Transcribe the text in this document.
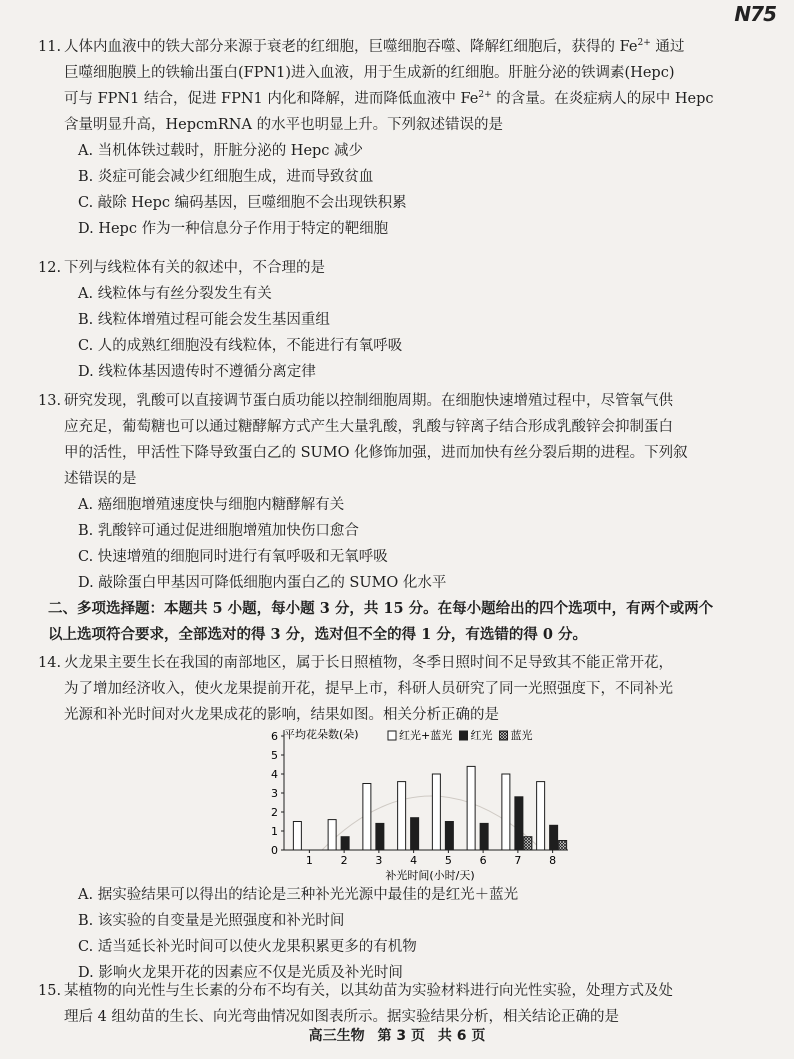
N75

11. 人体内血液中的铁大部分来源于衰老的红细胞，巨噬细胞吞噬、降解红细胞后，获得的 $Fe^{2+}$ 通过

巨噬细胞膜上的铁输出蛋白(FPN1)进入血液，用于生成新的红细胞。肝脏分泌的铁调素(Hepc)

可与 FPN1 结合，促进 FPN1 内化和降解，进而降低血液中 $Fe^{2+}$ 的含量。在炎症病人的尿中 Hepc

含量明显升高，HepcmRNA 的水平也明显上升。下列叙述错误的是

A. 当机体铁过载时，肝脏分泌的 Hepc 减少

B. 炎症可能会减少红细胞生成，进而导致贫血

C. 敲除 Hepc 编码基因，巨噬细胞不会出现铁积累

D. Hepc 作为一种信息分子作用于特定的靶细胞

12. 下列与线粒体有关的叙述中，不合理的是

A. 线粒体与有丝分裂发生有关

B. 线粒体增殖过程可能会发生基因重组

C. 人的成熟红细胞没有线粒体，不能进行有氧呼吸

D. 线粒体基因遗传时不遵循分离定律

13. 研究发现，乳酸可以直接调节蛋白质功能以控制细胞周期。在细胞快速增殖过程中，尽管氧气供

应充足，葡萄糖也可以通过糖酵解方式产生大量乳酸，乳酸与锌离子结合形成乳酸锌会抑制蛋白

甲的活性，甲活性下降导致蛋白乙的 SUMO 化修饰加强，进而加快有丝分裂后期的进程。下列叙

述错误的是

A. 癌细胞增殖速度快与细胞内糖酵解有关

B. 乳酸锌可通过促进细胞增殖加快伤口愈合

C. 快速增殖的细胞同时进行有氧呼吸和无氧呼吸

D. 敲除蛋白甲基因可降低细胞内蛋白乙的 SUMO 化水平

二、多项选择题：本题共 5 小题，每小题 3 分，共 15 分。在每小题给出的四个选项中，有两个或两个

以上选项符合要求，全部选对的得 3 分，选对但不全的得 1 分，有选错的得 0 分。

14. 火龙果主要生长在我国的南部地区，属于长日照植物，冬季日照时间不足导致其不能正常开花，

为了增加经济收入，使火龙果提前开花，提早上市，科研人员研究了同一光照强度下，不同补光

光源和补光时间对火龙果成花的影响，结果如图。相关分析正确的是

0
1
2
3
4
5
6
1	2	3	4	5	6	7	8
红光+蓝光 红光 蓝光
平均花朵数(朵)
补光时间(小时/天)

A. 据实验结果可以得出的结论是三种补光光源中最佳的是红光＋蓝光

B. 该实验的自变量是光照强度和补光时间

C. 适当延长补光时间可以使火龙果积累更多的有机物

D. 影响火龙果开花的因素应不仅是光质及补光时间

15. 某植物的向光性与生长素的分布不均有关，以其幼苗为实验材料进行向光性实验，处理方式及处

理后 4 组幼苗的生长、向光弯曲情况如图表所示。据实验结果分析，相关结论正确的是

高三生物 第 3 页 共 6 页
